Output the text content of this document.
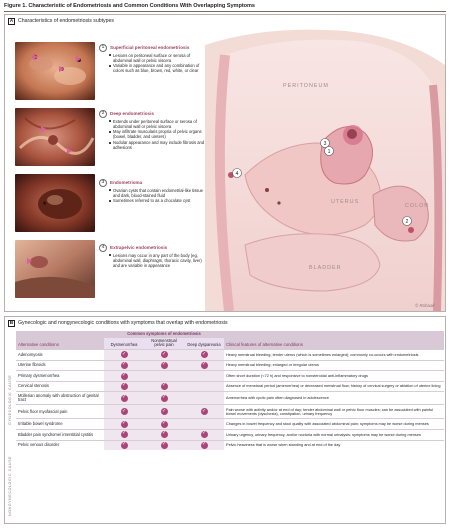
Figure 1. Characteristic of Endometriosis and Common Conditions With Overlapping Symptoms
A Characteristics of endometriosis subtypes
*
1	Superficial peritoneal endometriosis
Lesions on peritoneal surface or serosa of abdominal wall or pelvic viscera
Variable in appearance and any combination of colors such as blue, brown, red, white, or clear
2	Deep endometriosis
Extends under peritoneal surface or serosa of abdominal wall or pelvic viscera
May infiltrate muscularis propria of pelvic organs (bowel, bladder, and ureters)
Nodular appearance and may include fibrosis and adhesions
3	Endometrioma
Ovarian cysts that contain endometrial-like tissue and dark, blood-stained fluid
Sometimes referred to as a chocolate cyst
4	Extrapelvic endometriosis
Lesions may occur in any part of the body (eg, abdominal wall, diaphragm, thoracic cavity, liver) and are variable in appearance
PERITONEUM
UTERUS
COLON
BLADDER
1
2
3
4
© Rohaak
B Gynecologic and nongynecologic conditions with symptoms that overlap with endometriosis
Alternative conditions	Common symptoms of endometriosis			Clinical features of alternative conditions
	Dysmenorrhea	Nonmenstrual pelvic pain	Deep dyspareunia	
Adenomyosis	✓	✓	✓	Heavy menstrual bleeding; tender uterus (which is sometimes enlarged); commonly co-occurs with endometriosis
Uterine fibroids	✓	✓	✓	Heavy menstrual bleeding; enlarged or irregular uterus
Primary dysmenorrhea	✓			Often short duration (<72 h) and responsive to nonsteroidal anti-inflammatory drugs
Cervical stenosis	✓	✓		Absence of menstrual period (amenorrhea) or decreased menstrual flow; history of cervical surgery or ablation of uterine lining
Müllerian anomaly with obstruction of genital tract	✓	✓		Amenorrhea with cyclic pain often diagnosed in adolescence
Pelvic floor myofascial pain	✓	✓	✓	Pain worse with activity and/or at end of day; tender abdominal wall or pelvic floor muscles; can be associated with painful bowel movements (dyschezia), constipation, urinary frequency
Irritable bowel syndrome	✓	✓		Changes in bowel frequency and stool quality with associated abdominal pain; symptoms may be worse during menses
Bladder pain syndrome/ interstitial cystitis	✓	✓	✓	Urinary urgency, urinary frequency, and/or nocturia with normal urinalysis; symptoms may be worse during menses
Pelvic venous disorder	✓	✓	✓	Pelvic heaviness that is worse when standing and at end of the day
GYNECOLOGIC CAUSE
NONGYNECOLOGIC CAUSE
